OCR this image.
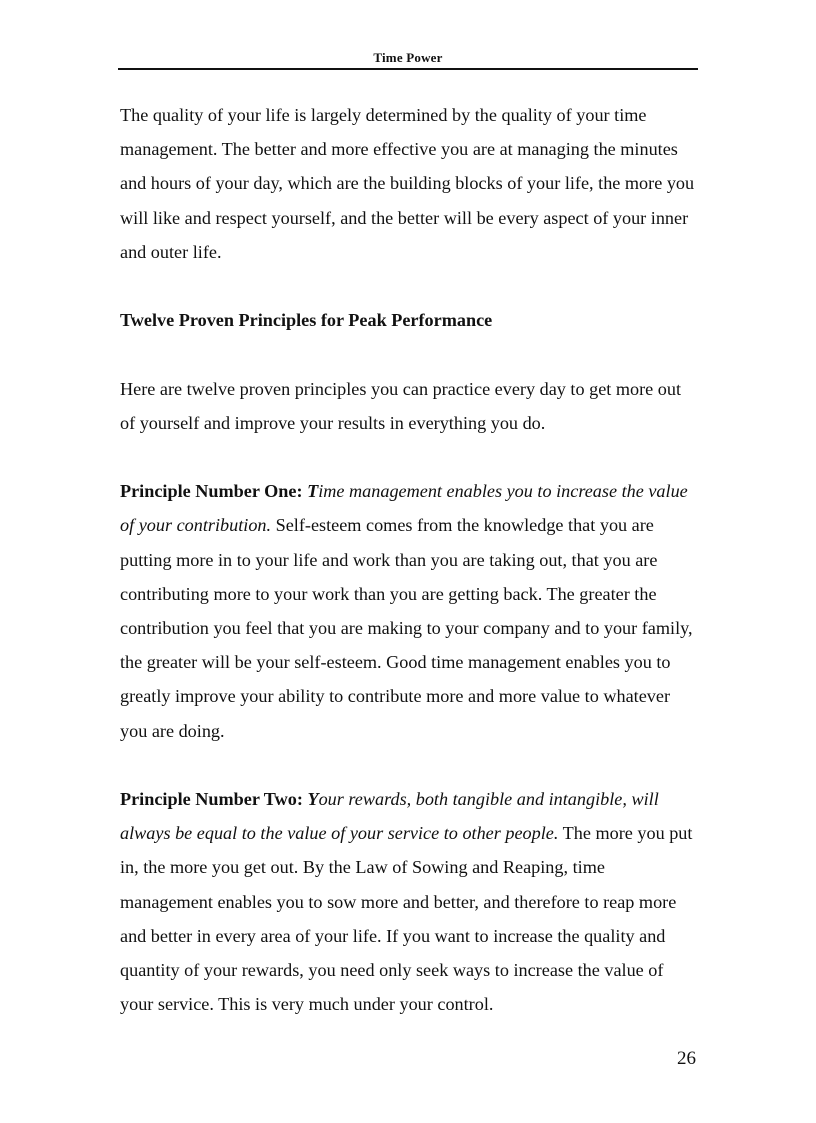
Time Power

The quality of your life is largely determined by the quality of your time management. The better and more effective you are at managing the minutes and hours of your day, which are the building blocks of your life, the more you will like and respect yourself, and the better will be every aspect of your inner and outer life.

Twelve Proven Principles for Peak Performance

Here are twelve proven principles you can practice every day to get more out of yourself and improve your results in everything you do.

Principle Number One: Time management enables you to increase the value of your contribution. Self-esteem comes from the knowledge that you are putting more in to your life and work than you are taking out, that you are contributing more to your work than you are getting back. The greater the contribution you feel that you are making to your company and to your family, the greater will be your self-esteem. Good time management enables you to greatly improve your ability to contribute more and more value to whatever you are doing.

Principle Number Two: Your rewards, both tangible and intangible, will always be equal to the value of your service to other people. The more you put in, the more you get out. By the Law of Sowing and Reaping, time management enables you to sow more and better, and therefore to reap more and better in every area of your life. If you want to increase the quality and quantity of your rewards, you need only seek ways to increase the value of your service. This is very much under your control.

26
